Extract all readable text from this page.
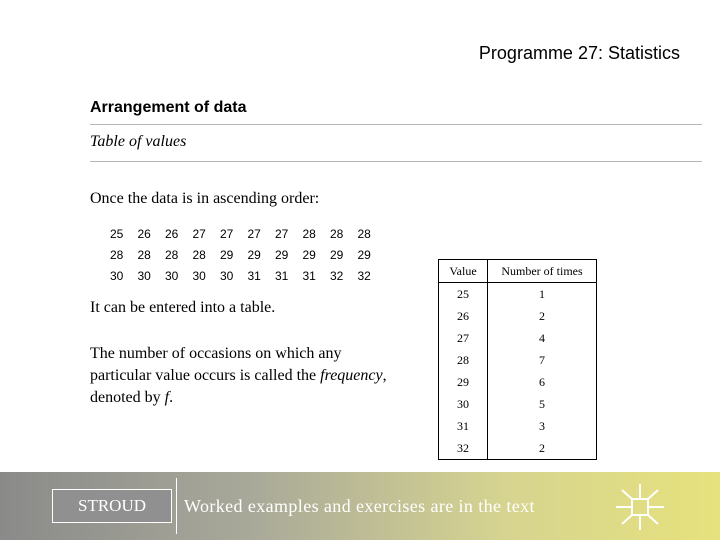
Programme 27: Statistics
Arrangement of data
Table of values
Once the data is in ascending order:
25	26	26	27	27	27	27	28	28	28
28	28	28	28	29	29	29	29	29	29
30	30	30	30	30	31	31	31	32	32
It can be entered into a table.
The number of occasions on which any particular value occurs is called the frequency, denoted by f.
Value	Number of times
25	1
26	2
27	4
28	7
29	6
30	5
31	3
32	2
STROUD	Worked examples and exercises are in the text
